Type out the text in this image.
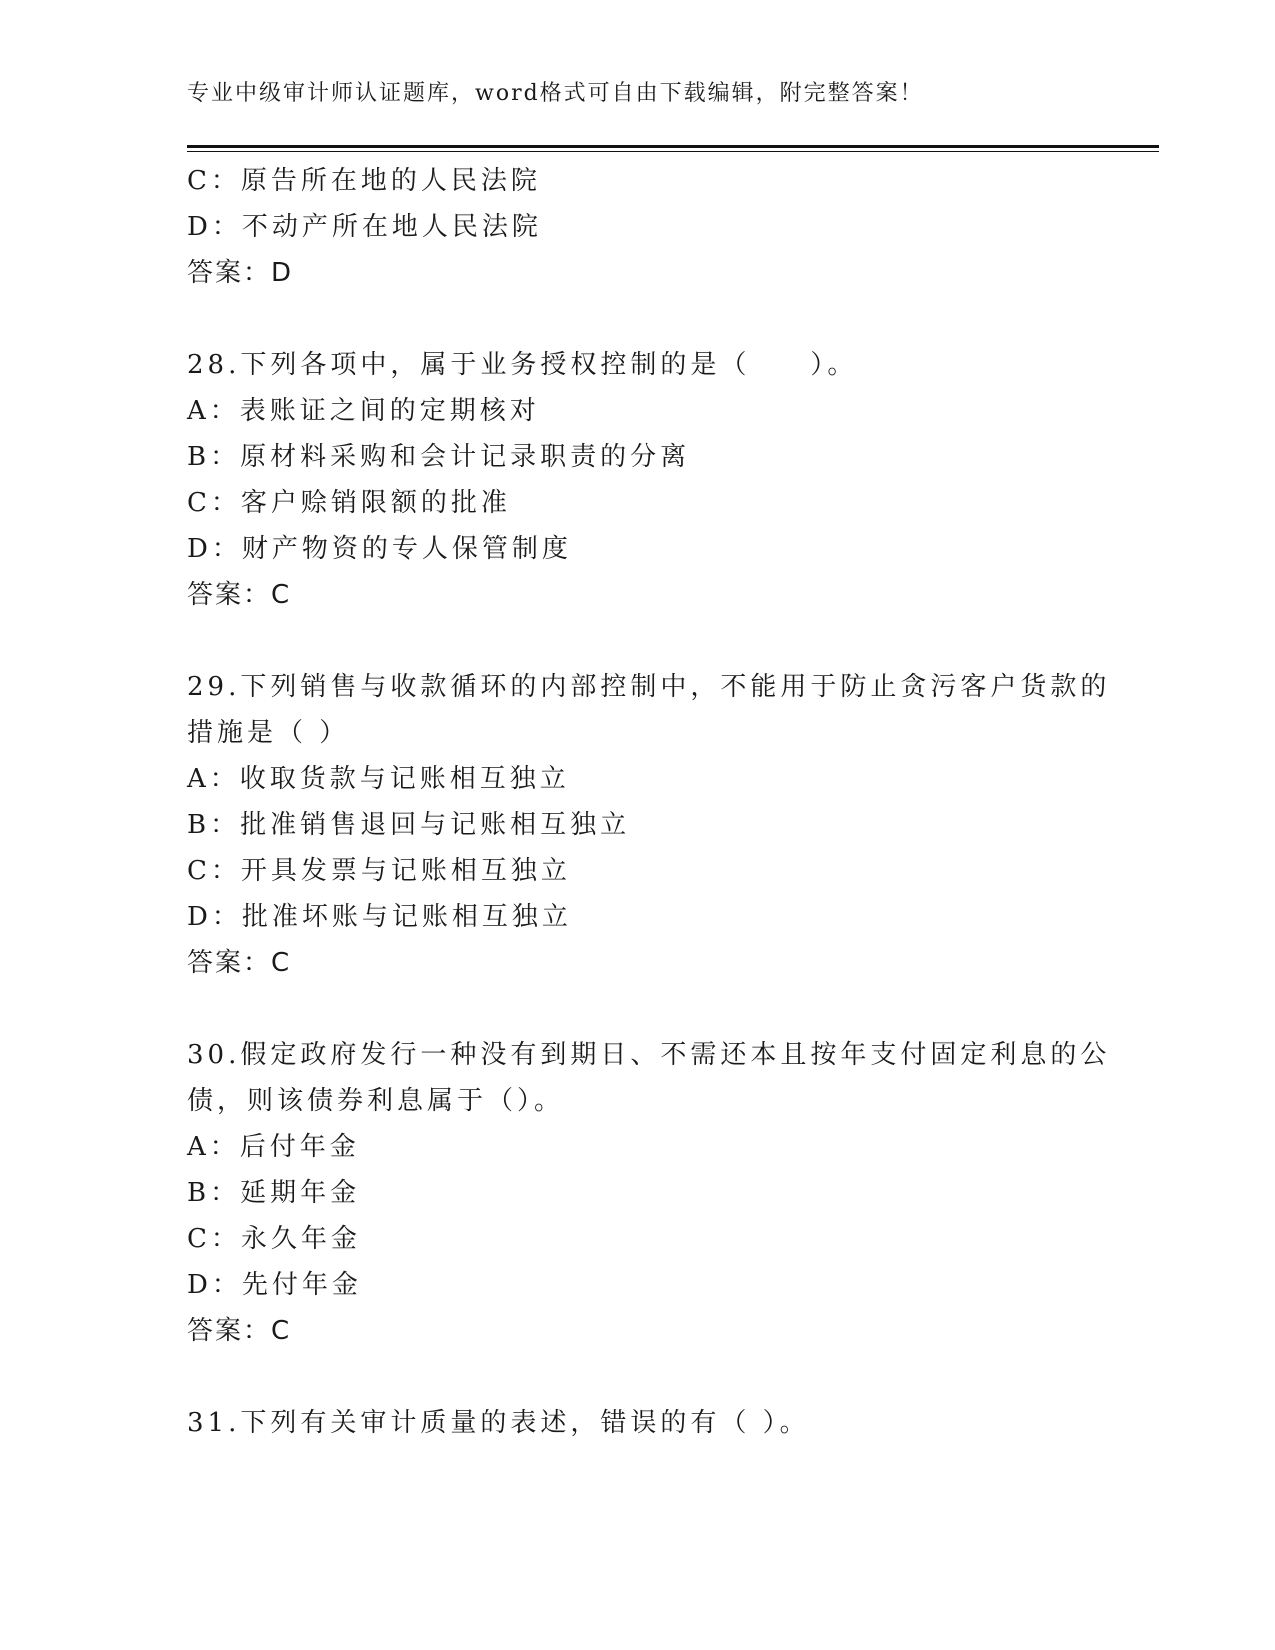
专业中级审计师认证题库，word格式可自由下载编辑，附完整答案！
C：原告所在地的人民法院
D：不动产所在地人民法院
答案：D
28.下列各项中，属于业务授权控制的是（　　）。
A：表账证之间的定期核对
B：原材料采购和会计记录职责的分离
C：客户赊销限额的批准
D：财产物资的专人保管制度
答案：C
29.下列销售与收款循环的内部控制中，不能用于防止贪污客户货款的
措施是（ ）
A：收取货款与记账相互独立
B：批准销售退回与记账相互独立
C：开具发票与记账相互独立
D：批准坏账与记账相互独立
答案：C
30.假定政府发行一种没有到期日、不需还本且按年支付固定利息的公
债，则该债券利息属于（）。
A：后付年金
B：延期年金
C：永久年金
D：先付年金
答案：C
31.下列有关审计质量的表述，错误的有（ ）。
